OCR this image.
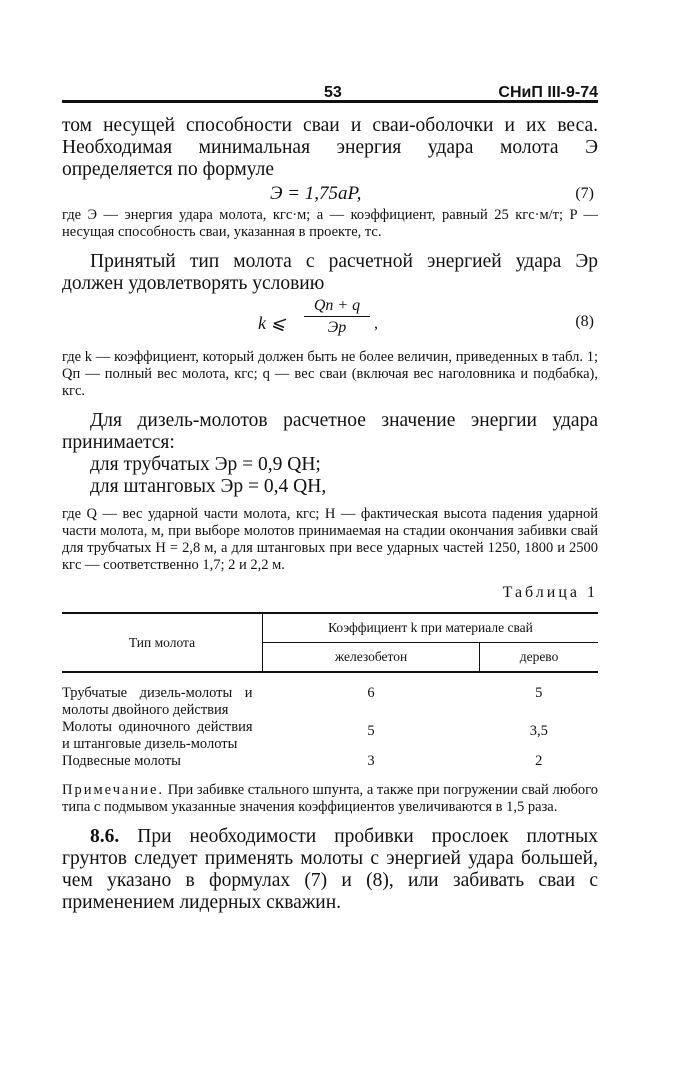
53	СНиП III-9-74

том несущей способности сваи и сваи-оболочки и их веса. Необходимая минимальная энергия удара молота Э определяется по формуле

Э = 1,75aP,	(7)

где Э — энергия удара молота, кгс·м; a — коэффициент, равный 25 кгс·м/т; P — несущая способность сваи, указанная в проекте, тс.

Принятый тип молота с расчетной энергией удара Эр должен удовлетворять условию

k ⩽
Qп + q
Эр	,	(8)

где k — коэффициент, который должен быть не более величин, приведенных в табл. 1; Qп — полный вес молота, кгс; q — вес сваи (включая вес наголовника и подбабка), кгс.

Для дизель-молотов расчетное значение энергии удара принимается:

для трубчатых Эр = 0,9 QH;
для штанговых Эр = 0,4 QH,

где Q — вес ударной части молота, кгс; H — фактическая высота падения ударной части молота, м, при выборе молотов принимаемая на стадии окончания забивки свай для трубчатых H = 2,8 м, а для штанговых при весе ударных частей 1250, 1800 и 2500 кгс — соответственно 1,7; 2 и 2,2 м.

Таблица 1
Тип молота	Коэффициент k при материале свай	
	железобетон	дерево
Трубчатые дизель-молоты и молоты двойного действия	6	5
Молоты одиночного действия и штанговые дизель-молоты	5	3,5
Подвесные молоты	3	2

Примечание. При забивке стального шпунта, а также при погружении свай любого типа с подмывом указанные значения коэффициентов увеличиваются в 1,5 раза.

8.6. При необходимости пробивки прослоек плотных грунтов следует применять молоты с энергией удара большей, чем указано в формулах (7) и (8), или забивать сваи с применением лидерных скважин.
